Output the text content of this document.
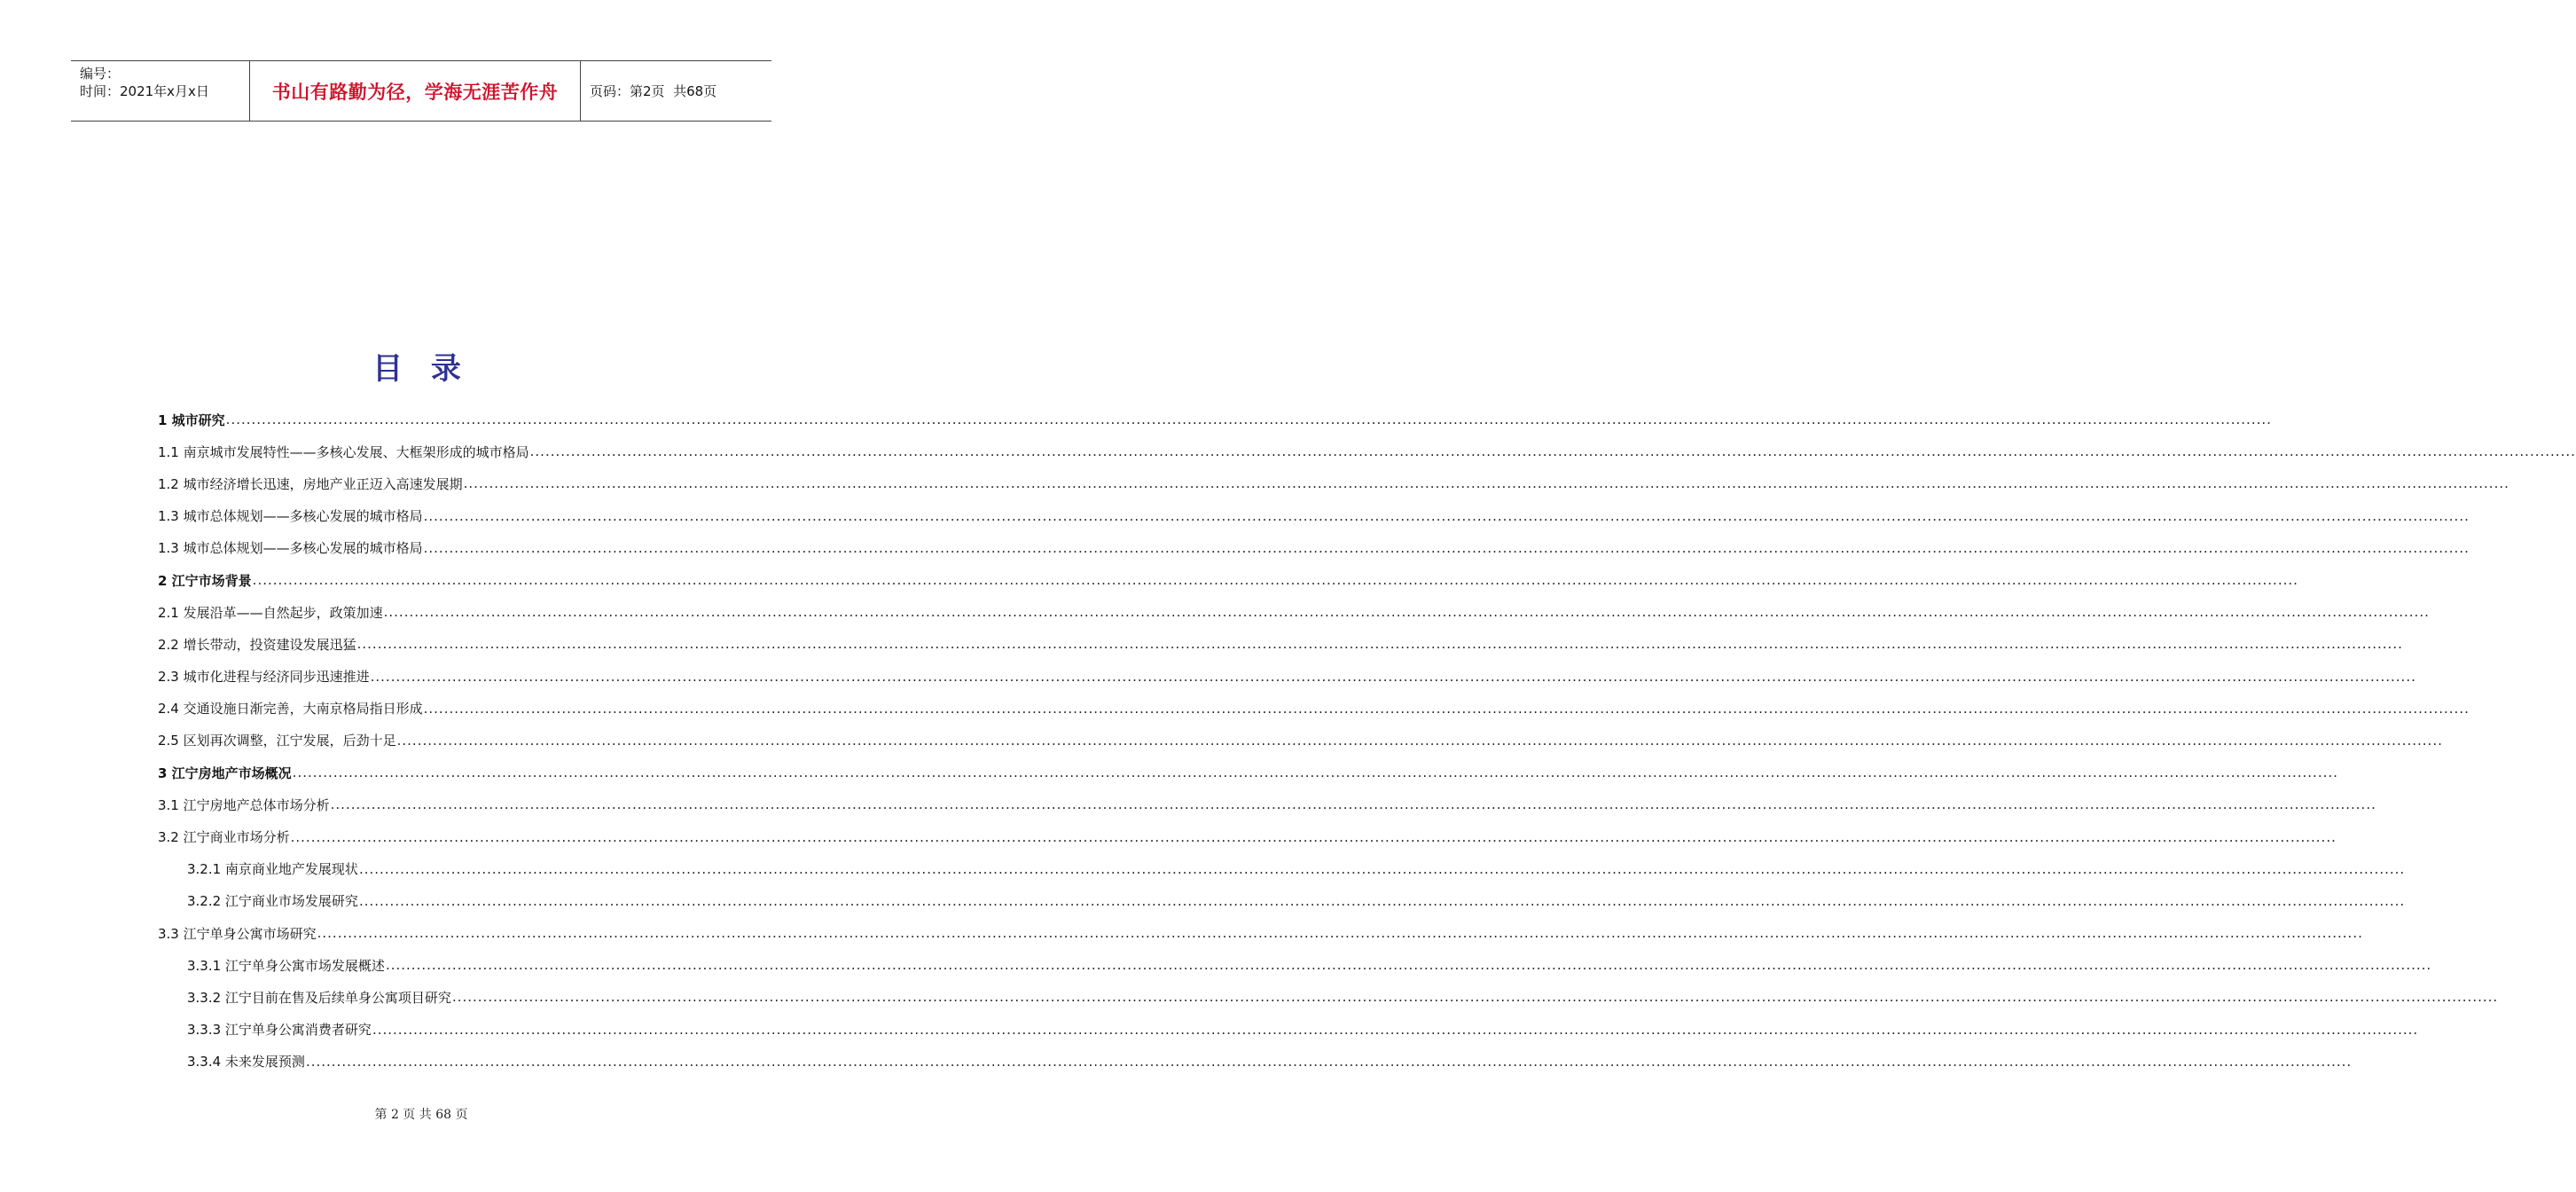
编号：
时间：2021年x月x日	书山有路勤为径，学海无涯苦作舟	页码：第2页  共68页
目 录
1 城市研究 ................................................................................................................................................................................................................................................................................................................................................................................................................
1.1 南京城市发展特性——多核心发展、大框架形成的城市格局 ................................................................................................................................................................................................................................................................................................................................................................................................................
1.2 城市经济增长迅速，房地产业正迈入高速发展期 ................................................................................................................................................................................................................................................................................................................................................................................................................
1.3 城市总体规划——多核心发展的城市格局 ................................................................................................................................................................................................................................................................................................................................................................................................................
1.3 城市总体规划——多核心发展的城市格局 ................................................................................................................................................................................................................................................................................................................................................................................................................
2 江宁市场背景 ................................................................................................................................................................................................................................................................................................................................................................................................................
2.1 发展沿革——自然起步，政策加速 ................................................................................................................................................................................................................................................................................................................................................................................................................
2.2 增长带动，投资建设发展迅猛 ................................................................................................................................................................................................................................................................................................................................................................................................................
2.3 城市化进程与经济同步迅速推进 ................................................................................................................................................................................................................................................................................................................................................................................................................
2.4 交通设施日渐完善，大南京格局指日形成 ................................................................................................................................................................................................................................................................................................................................................................................................................
2.5 区划再次调整，江宁发展，后劲十足 ................................................................................................................................................................................................................................................................................................................................................................................................................
3 江宁房地产市场概况 ................................................................................................................................................................................................................................................................................................................................................................................................................
3.1 江宁房地产总体市场分析 ................................................................................................................................................................................................................................................................................................................................................................................................................
3.2 江宁商业市场分析 ................................................................................................................................................................................................................................................................................................................................................................................................................
3.2.1 南京商业地产发展现状 ................................................................................................................................................................................................................................................................................................................................................................................................................
3.2.2 江宁商业市场发展研究 ................................................................................................................................................................................................................................................................................................................................................................................................................
3.3 江宁单身公寓市场研究 ................................................................................................................................................................................................................................................................................................................................................................................................................
3.3.1 江宁单身公寓市场发展概述 ................................................................................................................................................................................................................................................................................................................................................................................................................
3.3.2 江宁目前在售及后续单身公寓项目研究 ................................................................................................................................................................................................................................................................................................................................................................................................................
3.3.3 江宁单身公寓消费者研究 ................................................................................................................................................................................................................................................................................................................................................................................................................
3.3.4 未来发展预测 ................................................................................................................................................................................................................................................................................................................................................................................................................
第 2 页 共 68 页
